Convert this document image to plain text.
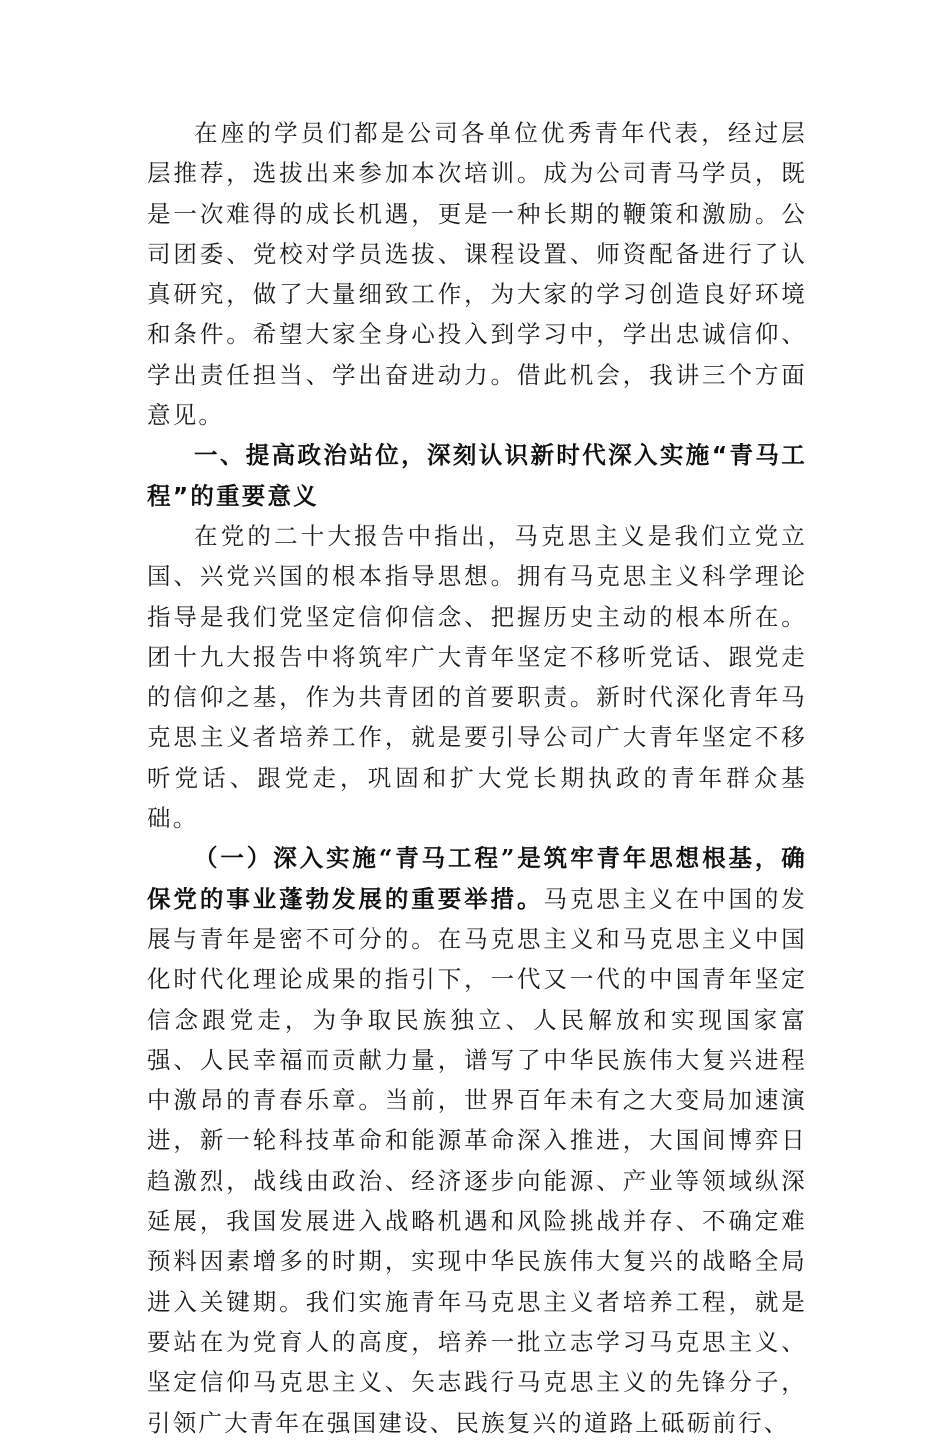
在座的学员们都是公司各单位优秀青年代表，经过层层推荐，选拔出来参加本次培训。成为公司青马学员，既是一次难得的成长机遇，更是一种长期的鞭策和激励。公司团委、党校对学员选拔、课程设置、师资配备进行了认真研究，做了大量细致工作，为大家的学习创造良好环境和条件。希望大家全身心投入到学习中，学出忠诚信仰、学出责任担当、学出奋进动力。借此机会，我讲三个方面意见。

一、提高政治站位，深刻认识新时代深入实施“青马工程”的重要意义

在党的二十大报告中指出，马克思主义是我们立党立国、兴党兴国的根本指导思想。拥有马克思主义科学理论指导是我们党坚定信仰信念、把握历史主动的根本所在。团十九大报告中将筑牢广大青年坚定不移听党话、跟党走的信仰之基，作为共青团的首要职责。新时代深化青年马克思主义者培养工作，就是要引导公司广大青年坚定不移听党话、跟党走，巩固和扩大党长期执政的青年群众基础。

（一）深入实施“青马工程”是筑牢青年思想根基，确保党的事业蓬勃发展的重要举措。马克思主义在中国的发展与青年是密不可分的。在马克思主义和马克思主义中国化时代化理论成果的指引下，一代又一代的中国青年坚定信念跟党走，为争取民族独立、人民解放和实现国家富强、人民幸福而贡献力量，谱写了中华民族伟大复兴进程中激昂的青春乐章。当前，世界百年未有之大变局加速演进，新一轮科技革命和能源革命深入推进，大国间博弈日趋激烈，战线由政治、经济逐步向能源、产业等领域纵深延展，我国发展进入战略机遇和风险挑战并存、不确定难预料因素增多的时期，实现中华民族伟大复兴的战略全局进入关键期。我们实施青年马克思主义者培养工程，就是要站在为党育人的高度，培养一批立志学习马克思主义、坚定信仰马克思主义、矢志践行马克思主义的先锋分子，引领广大青年在强国建设、民族复兴的道路上砥砺前行、
